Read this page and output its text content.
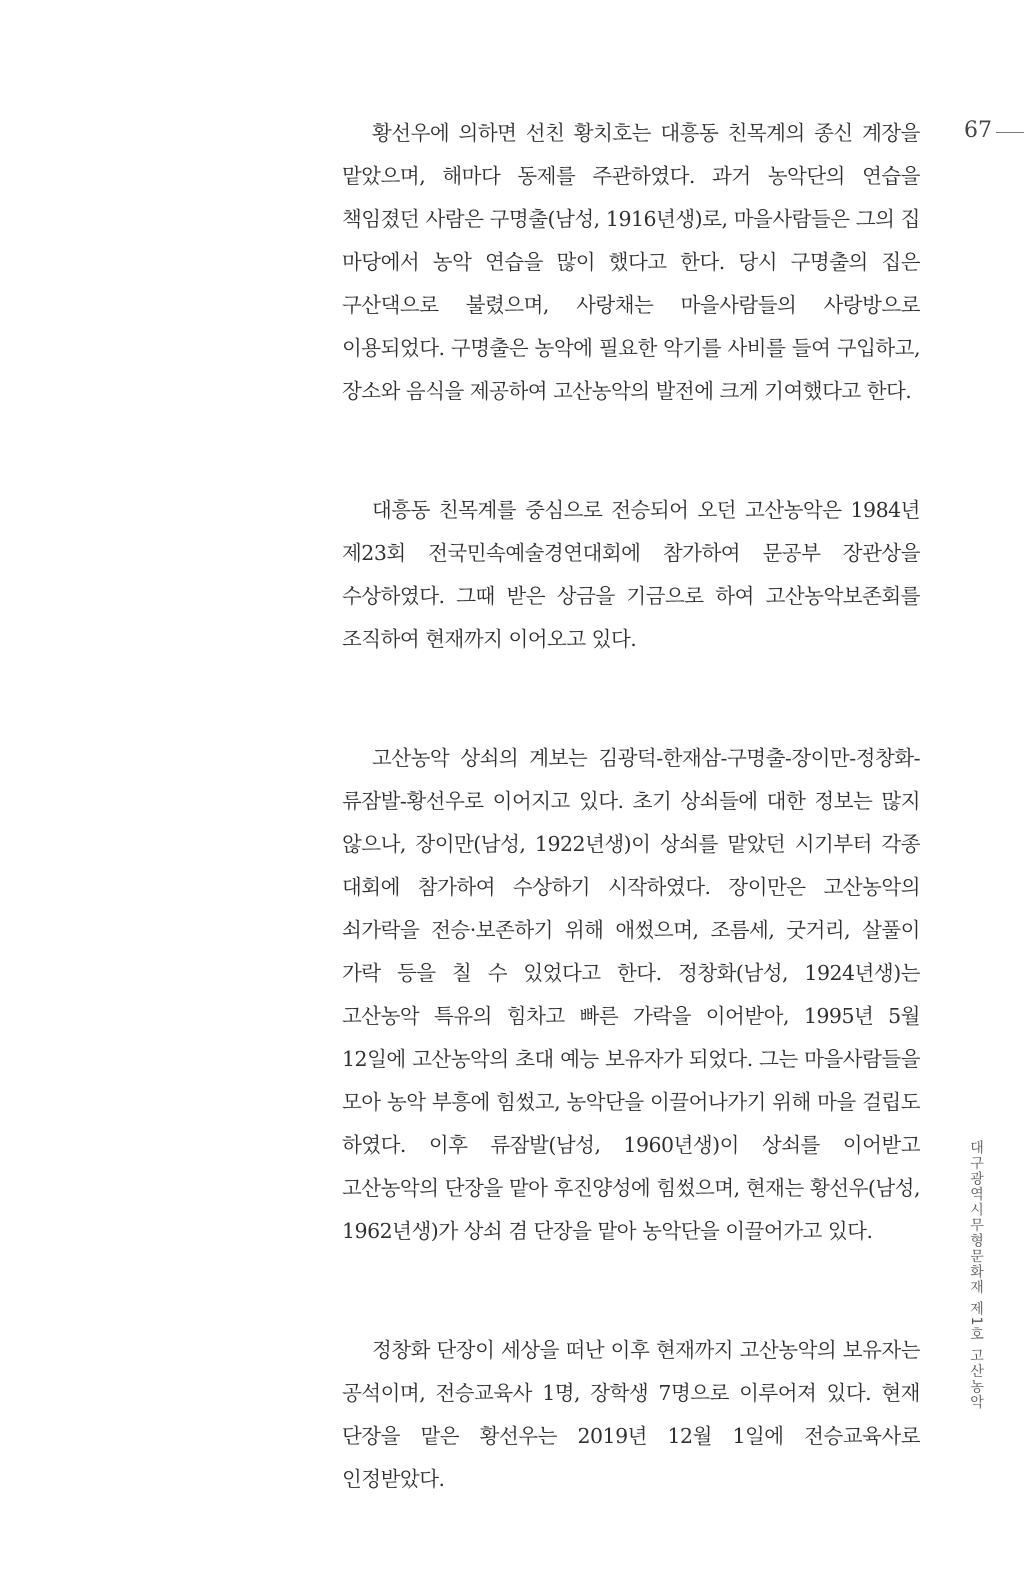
67

황선우에 의하면 선친 황치호는 대흥동 친목계의 종신 계장을 맡았으며, 해마다 동제를 주관하였다. 과거 농악단의 연습을 책임졌던 사람은 구명출(남성, 1916년생)로, 마을사람들은 그의 집 마당에서 농악 연습을 많이 했다고 한다. 당시 구명출의 집은 구산댁으로 불렸으며, 사랑채는 마을사람들의 사랑방으로 이용되었다. 구명출은 농악에 필요한 악기를 사비를 들여 구입하고, 장소와 음식을 제공하여 고산농악의 발전에 크게 기여했다고 한다.

대흥동 친목계를 중심으로 전승되어 오던 고산농악은 1984년 제23회 전국민속예술경연대회에 참가하여 문공부 장관상을 수상하였다. 그때 받은 상금을 기금으로 하여 고산농악보존회를 조직하여 현재까지 이어오고 있다.

고산농악 상쇠의 계보는 김광덕-한재삼-구명출-장이만-정창화-류잠발-황선우로 이어지고 있다. 초기 상쇠들에 대한 정보는 많지 않으나, 장이만(남성, 1922년생)이 상쇠를 맡았던 시기부터 각종 대회에 참가하여 수상하기 시작하였다. 장이만은 고산농악의 쇠가락을 전승·보존하기 위해 애썼으며, 조름세, 굿거리, 살풀이 가락 등을 칠 수 있었다고 한다. 정창화(남성, 1924년생)는 고산농악 특유의 힘차고 빠른 가락을 이어받아, 1995년 5월 12일에 고산농악의 초대 예능 보유자가 되었다. 그는 마을사람들을 모아 농악 부흥에 힘썼고, 농악단을 이끌어나가기 위해 마을 걸립도 하였다. 이후 류잠발(남성, 1960년생)이 상쇠를 이어받고 고산농악의 단장을 맡아 후진양성에 힘썼으며, 현재는 황선우(남성, 1962년생)가 상쇠 겸 단장을 맡아 농악단을 이끌어가고 있다.

정창화 단장이 세상을 떠난 이후 현재까지 고산농악의 보유자는 공석이며, 전승교육사 1명, 장학생 7명으로 이루어져 있다. 현재 단장을 맡은 황선우는 2019년 12월 1일에 전승교육사로 인정받았다.

대구광역시무형문화재 제1호 고산농악
